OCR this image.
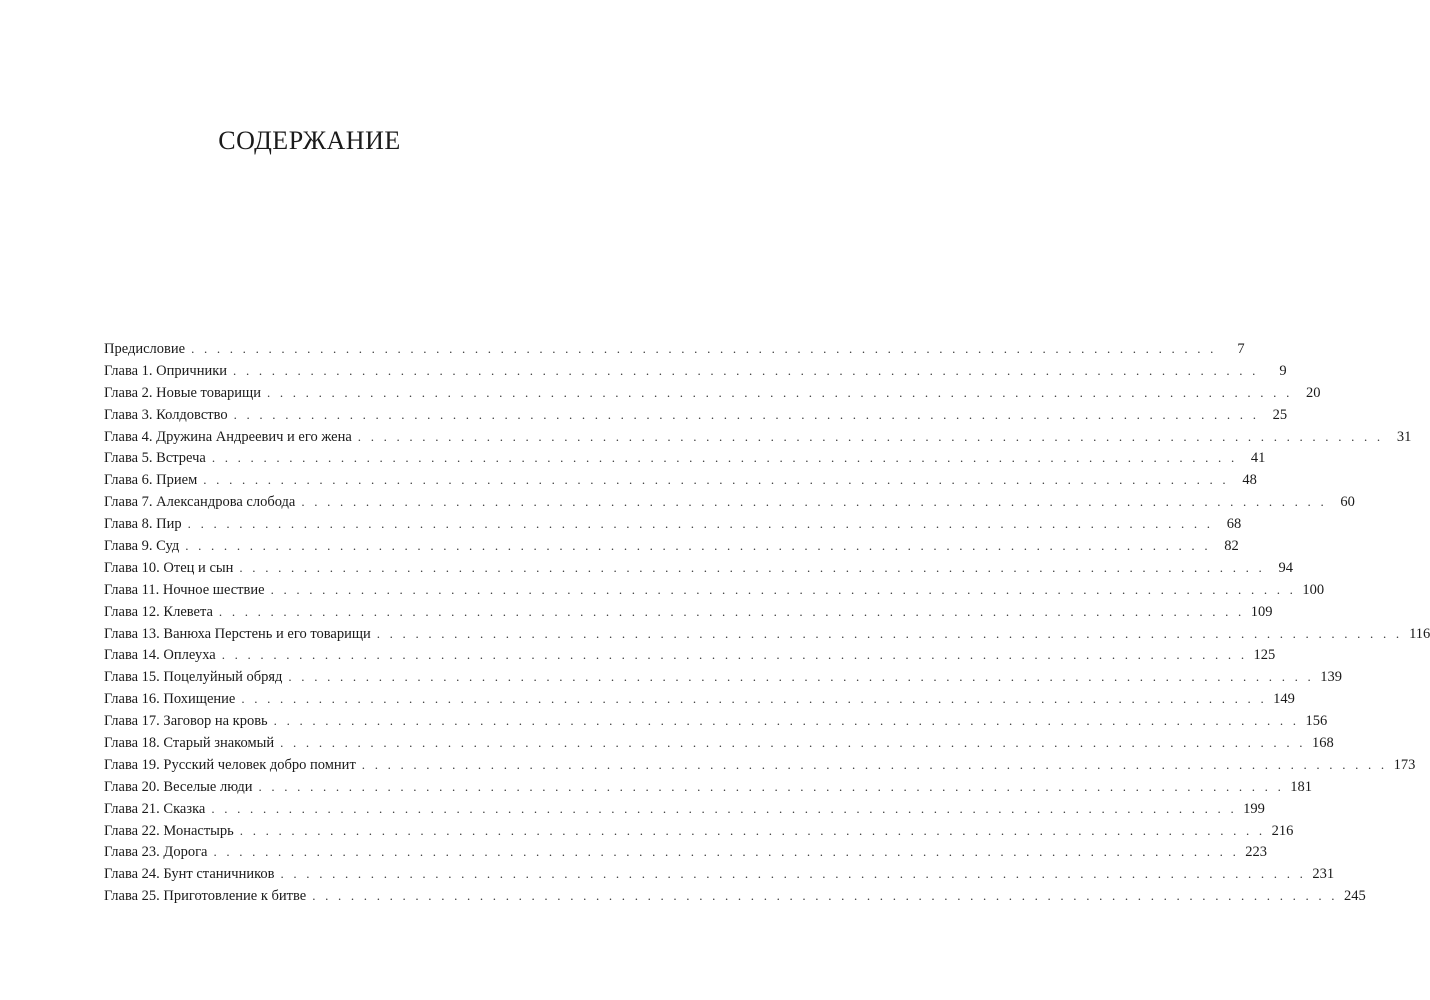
СОДЕРЖАНИЕ
Предисловие . . . . . . . . . . . . . . . . . . . . . . . . . . . . . . . . . . . . . . . . . . . . . . . . . . . . . . . . . . . . . . . . . . . . . . . . . . . . . . . .	7
Глава 1. Опричники . . . . . . . . . . . . . . . . . . . . . . . . . . . . . . . . . . . . . . . . . . . . . . . . . . . . . . . . . . . . . . . . . . . . . . . . . . . . . . . .	9
Глава 2. Новые товарищи . . . . . . . . . . . . . . . . . . . . . . . . . . . . . . . . . . . . . . . . . . . . . . . . . . . . . . . . . . . . . . . . . . . . . . . . . . . . . . . . 20
Глава 3. Колдовство . . . . . . . . . . . . . . . . . . . . . . . . . . . . . . . . . . . . . . . . . . . . . . . . . . . . . . . . . . . . . . . . . . . . . . . . . . . . . . . . 25
Глава 4. Дружина Андреевич и его жена . . . . . . . . . . . . . . . . . . . . . . . . . . . . . . . . . . . . . . . . . . . . . . . . . . . . . . . . . . . . . . . . . . . . . . . . . . . . . . . . 31
Глава 5. Встреча . . . . . . . . . . . . . . . . . . . . . . . . . . . . . . . . . . . . . . . . . . . . . . . . . . . . . . . . . . . . . . . . . . . . . . . . . . . . . . . . 41
Глава 6. Прием . . . . . . . . . . . . . . . . . . . . . . . . . . . . . . . . . . . . . . . . . . . . . . . . . . . . . . . . . . . . . . . . . . . . . . . . . . . . . . . . 48
Глава 7. Александрова слобода . . . . . . . . . . . . . . . . . . . . . . . . . . . . . . . . . . . . . . . . . . . . . . . . . . . . . . . . . . . . . . . . . . . . . . . . . . . . . . . . 60
Глава 8. Пир . . . . . . . . . . . . . . . . . . . . . . . . . . . . . . . . . . . . . . . . . . . . . . . . . . . . . . . . . . . . . . . . . . . . . . . . . . . . . . . . 68
Глава 9. Суд . . . . . . . . . . . . . . . . . . . . . . . . . . . . . . . . . . . . . . . . . . . . . . . . . . . . . . . . . . . . . . . . . . . . . . . . . . . . . . . . 82
Глава 10. Отец и сын . . . . . . . . . . . . . . . . . . . . . . . . . . . . . . . . . . . . . . . . . . . . . . . . . . . . . . . . . . . . . . . . . . . . . . . . . . . . . . . . 94
Глава 11. Ночное шествие . . . . . . . . . . . . . . . . . . . . . . . . . . . . . . . . . . . . . . . . . . . . . . . . . . . . . . . . . . . . . . . . . . . . . . . . . . . . . . . . 100
Глава 12. Клевета . . . . . . . . . . . . . . . . . . . . . . . . . . . . . . . . . . . . . . . . . . . . . . . . . . . . . . . . . . . . . . . . . . . . . . . . . . . . . . . . 109
Глава 13. Ванюха Перстень и его товарищи . . . . . . . . . . . . . . . . . . . . . . . . . . . . . . . . . . . . . . . . . . . . . . . . . . . . . . . . . . . . . . . . . . . . . . . . . . . . . . . . 116
Глава 14. Оплеуха . . . . . . . . . . . . . . . . . . . . . . . . . . . . . . . . . . . . . . . . . . . . . . . . . . . . . . . . . . . . . . . . . . . . . . . . . . . . . . . . 125
Глава 15. Поцелуйный обряд . . . . . . . . . . . . . . . . . . . . . . . . . . . . . . . . . . . . . . . . . . . . . . . . . . . . . . . . . . . . . . . . . . . . . . . . . . . . . . . . 139
Глава 16. Похищение . . . . . . . . . . . . . . . . . . . . . . . . . . . . . . . . . . . . . . . . . . . . . . . . . . . . . . . . . . . . . . . . . . . . . . . . . . . . . . . . 149
Глава 17. Заговор на кровь . . . . . . . . . . . . . . . . . . . . . . . . . . . . . . . . . . . . . . . . . . . . . . . . . . . . . . . . . . . . . . . . . . . . . . . . . . . . . . . . 156
Глава 18. Старый знакомый . . . . . . . . . . . . . . . . . . . . . . . . . . . . . . . . . . . . . . . . . . . . . . . . . . . . . . . . . . . . . . . . . . . . . . . . . . . . . . . . 168
Глава 19. Русский человек добро помнит . . . . . . . . . . . . . . . . . . . . . . . . . . . . . . . . . . . . . . . . . . . . . . . . . . . . . . . . . . . . . . . . . . . . . . . . . . . . . . . . 173
Глава 20. Веселые люди . . . . . . . . . . . . . . . . . . . . . . . . . . . . . . . . . . . . . . . . . . . . . . . . . . . . . . . . . . . . . . . . . . . . . . . . . . . . . . . . 181
Глава 21. Сказка . . . . . . . . . . . . . . . . . . . . . . . . . . . . . . . . . . . . . . . . . . . . . . . . . . . . . . . . . . . . . . . . . . . . . . . . . . . . . . . . 199
Глава 22. Монастырь . . . . . . . . . . . . . . . . . . . . . . . . . . . . . . . . . . . . . . . . . . . . . . . . . . . . . . . . . . . . . . . . . . . . . . . . . . . . . . . . 216
Глава 23. Дорога . . . . . . . . . . . . . . . . . . . . . . . . . . . . . . . . . . . . . . . . . . . . . . . . . . . . . . . . . . . . . . . . . . . . . . . . . . . . . . . . 223
Глава 24. Бунт станичников . . . . . . . . . . . . . . . . . . . . . . . . . . . . . . . . . . . . . . . . . . . . . . . . . . . . . . . . . . . . . . . . . . . . . . . . . . . . . . . . 231
Глава 25. Приготовление к битве . . . . . . . . . . . . . . . . . . . . . . . . . . . . . . . . . . . . . . . . . . . . . . . . . . . . . . . . . . . . . . . . . . . . . . . . . . . . . . . . 245
